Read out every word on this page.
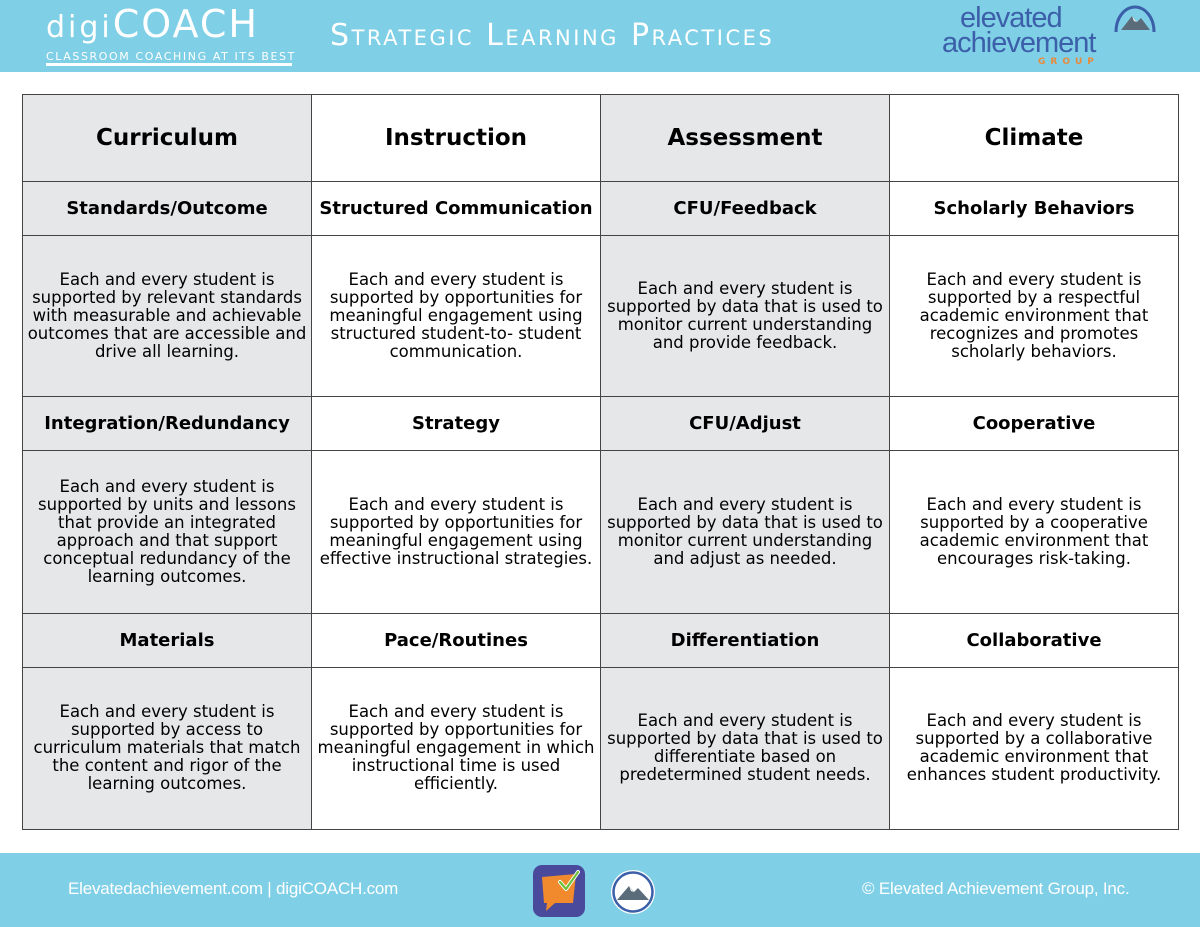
digiCOACH
CLASSROOM COACHING AT ITS BEST
Strategic Learning Practices	elevated
achievement
GROUP
Curriculum	Instruction	Assessment	Climate
Standards/Outcome	Structured Communication	CFU/Feedback	Scholarly Behaviors
Each and every student is supported by relevant standards with measurable and achievable outcomes that are accessible and drive all learning.	Each and every student is supported by opportunities for meaningful engagement using structured student-to- student communication.	Each and every student is supported by data that is used to monitor current understanding and provide feedback.	Each and every student is supported by a respectful academic environment that recognizes and promotes scholarly behaviors.
Integration/Redundancy	Strategy	CFU/Adjust	Cooperative
Each and every student is supported by units and lessons that provide an integrated approach and that support conceptual redundancy of the learning outcomes.	Each and every student is supported by opportunities for meaningful engagement using effective instructional strategies.	Each and every student is supported by data that is used to monitor current understanding and adjust as needed.	Each and every student is supported by a cooperative academic environment that encourages risk-taking.
Materials	Pace/Routines	Differentiation	Collaborative
Each and every student is supported by access to curriculum materials that match the content and rigor of the learning outcomes.	Each and every student is supported by opportunities for meaningful engagement in which instructional time is used efficiently.	Each and every student is supported by data that is used to differentiate based on predetermined student needs.	Each and every student is supported by a collaborative academic environment that enhances student productivity.
Elevatedachievement.com | digiCOACH.com	© Elevated Achievement Group, Inc.
